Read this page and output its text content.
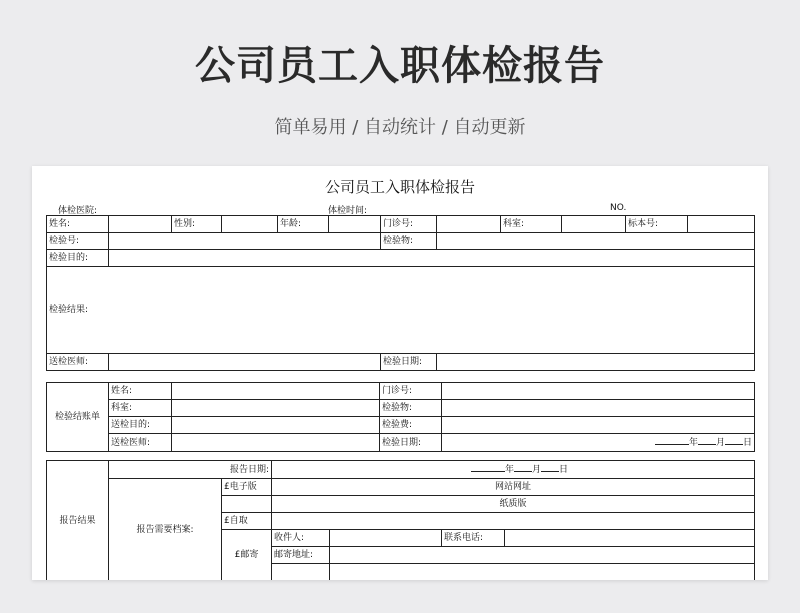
公司员工入职体检报告
简单易用 / 自动统计 / 自动更新
公司员工入职体检报告
体检医院:	体检时间:	NO.
姓名:		性别:		年龄:		门诊号:		科室:		标本号:	
检验号:						检验物:					
检验目的:											
检验结果:											
送检医师:						检验日期:					
检验结账单	姓名:		门诊号:	
	科室:		检验物:	
	送检目的:		检验费:	
	送检医师:		检验日期:	年 月 日
报告结果	报告日期:		年 月 日			
	报告需要档案:	£电子版	网站网址			
			纸质版			
		£自取				
		£邮寄	收件人:		联系电话:	
			邮寄地址:			
